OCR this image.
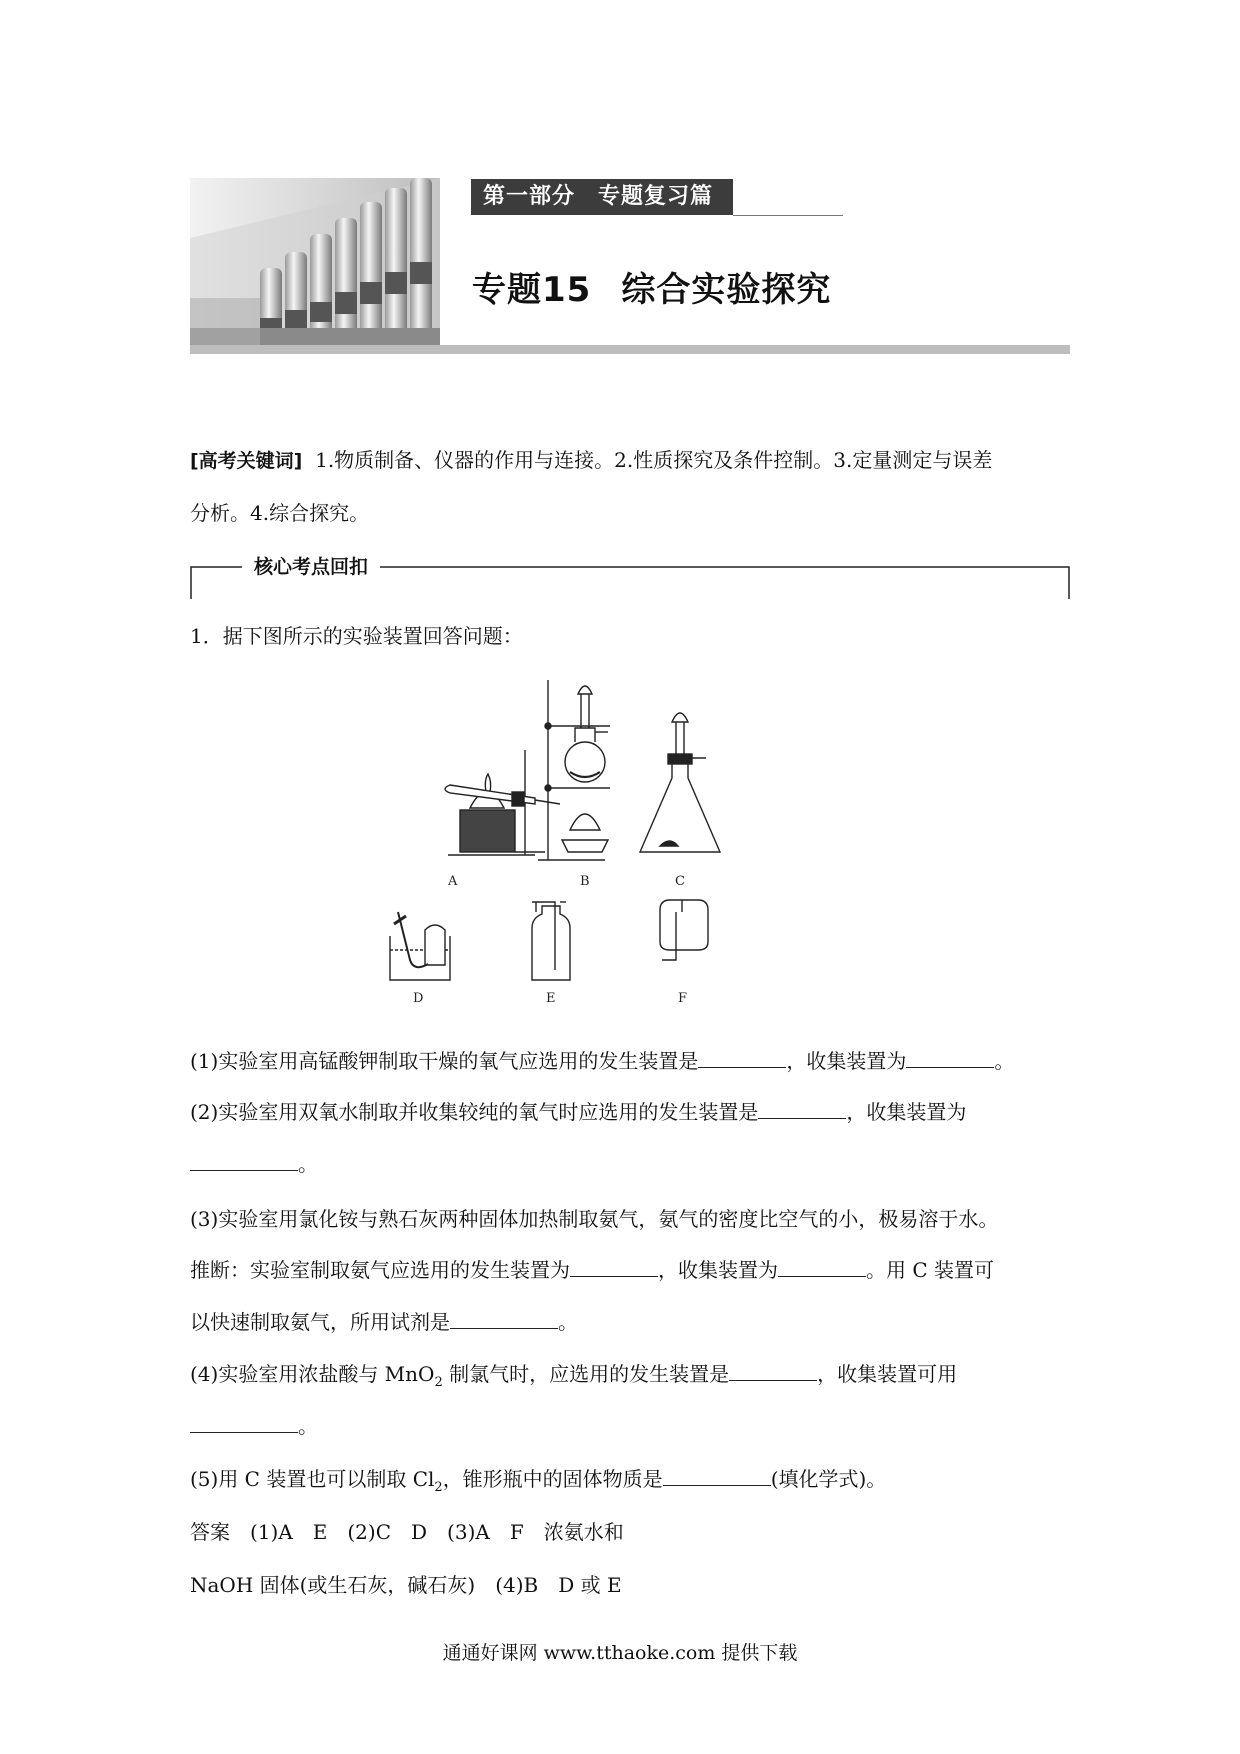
第一部分　专题复习篇
专题15 综合实验探究
[高考关键词] 1.物质制备、仪器的作用与连接。2.性质探究及条件控制。3.定量测定与误差
分析。4.综合探究。
核心考点回扣
1．据下图所示的实验装置回答问题：
A	B	C
D	E	F
(1)实验室用高锰酸钾制取干燥的氧气应选用的发生装置是	，收集装置为	。
(2)实验室用双氧水制取并收集较纯的氧气时应选用的发生装置是	，收集装置为
。
(3)实验室用氯化铵与熟石灰两种固体加热制取氨气，氨气的密度比空气的小，极易溶于水。
推断：实验室制取氨气应选用的发生装置为	，收集装置为	。用 C 装置可
以快速制取氨气，所用试剂是	。
(4)实验室用浓盐酸与 MnO$_2$ 制氯气时，应选用的发生装置是	，收集装置可用
。
(5)用 C 装置也可以制取 $Cl_2$，锥形瓶中的固体物质是	(填化学式)。
答案　(1)A　E　(2)C　D　(3)A　F　浓氨水和
NaOH 固体(或生石灰，碱石灰)　(4)B　D 或 E
通通好课网 www.tthaoke.com 提供下载
